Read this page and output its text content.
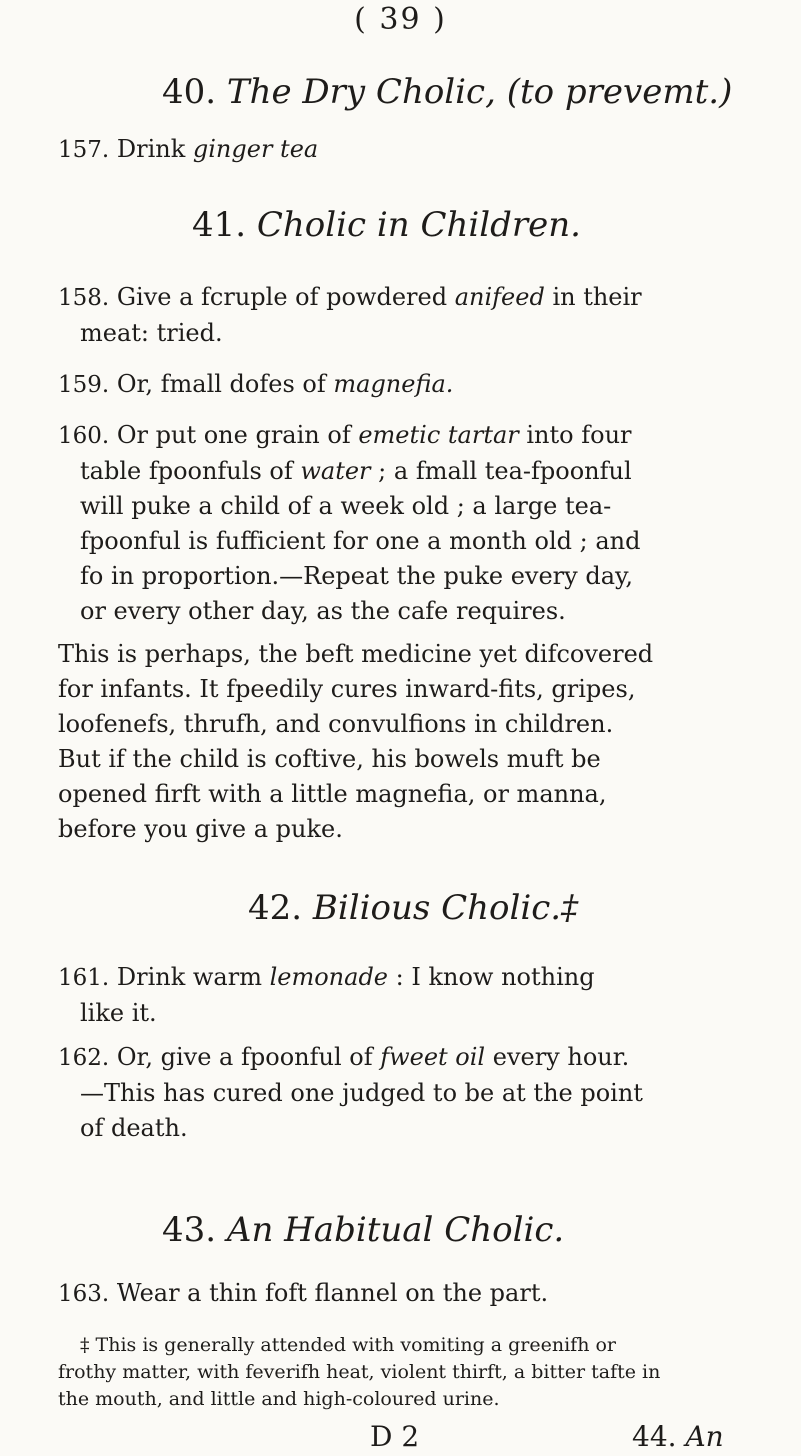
( 39 )
40. The Dry Cholic, (to prevemt.)
157. Drink ginger tea
41. Cholic in Children.
158. Give a fcruple of powdered anifeed in their
meat: tried.
159. Or, fmall dofes of magnefia.
160. Or put one grain of emetic tartar into four
table fpoonfuls of water ; a fmall tea-fpoonful
will puke a child of a week old ; a large tea-
fpoonful is fufficient for one a month old ; and
fo in proportion.—Repeat the puke every day,
or every other day, as the cafe requires.
This is perhaps, the beft medicine yet difcovered
for infants. It fpeedily cures inward-fits, gripes,
loofenefs, thrufh, and convulfions in children.
But if the child is coftive, his bowels muft be
opened firft with a little magnefia, or manna,
before you give a puke.
42. Bilious Cholic.‡
161. Drink warm lemonade : I know nothing
like it.
162. Or, give a fpoonful of fweet oil every hour.
—This has cured one judged to be at the point
of death.
43. An Habitual Cholic.
163. Wear a thin foft flannel on the part.
‡ This is generally attended with vomiting a greenifh or
frothy matter, with feverifh heat, violent thirft, a bitter tafte in
the mouth, and little and high-coloured urine.
D 2	44. An
